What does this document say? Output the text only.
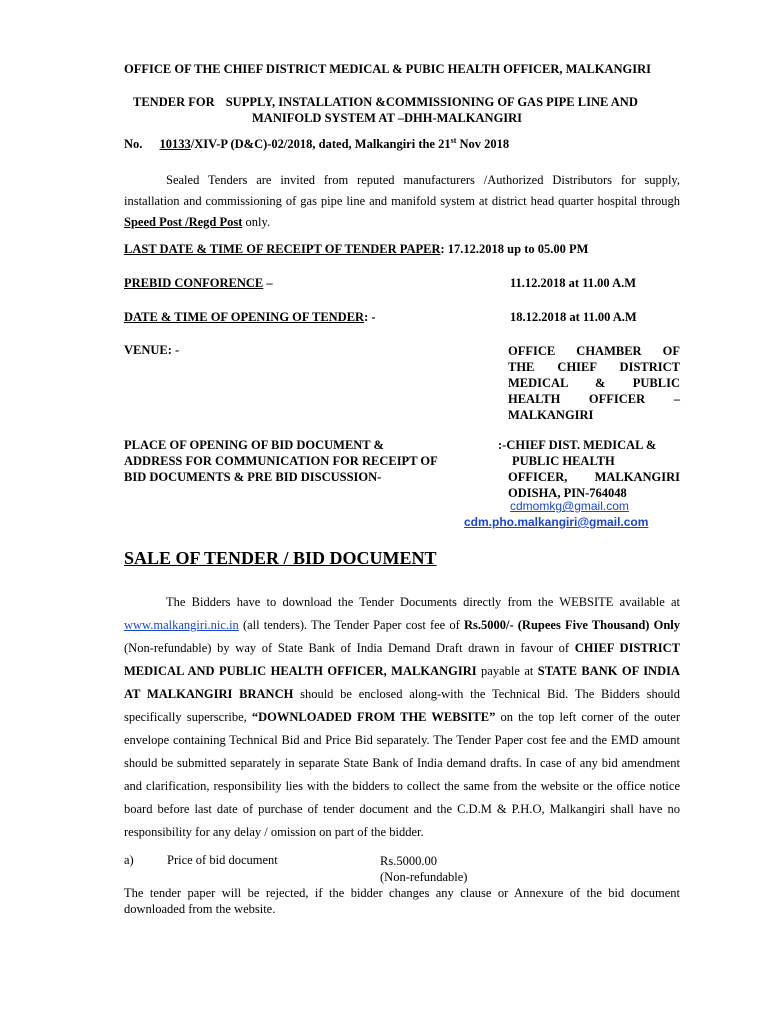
OFFICE OF THE CHIEF DISTRICT MEDICAL & PUBIC HEALTH OFFICER, MALKANGIRI
TENDER FOR SUPPLY, INSTALLATION &COMMISSIONING OF GAS PIPE LINE AND
MANIFOLD SYSTEM AT –DHH-MALKANGIRI
No. 10133/XIV-P (D&C)-02/2018, dated, Malkangiri the 21st Nov 2018
Sealed Tenders are invited from reputed manufacturers /Authorized Distributors for supply, installation and commissioning of gas pipe line and manifold system at district head quarter hospital through Speed Post /Regd Post only.
LAST DATE & TIME OF RECEIPT OF TENDER PAPER: 17.12.2018 up to 05.00 PM
PREBID CONFORENCE –	11.12.2018 at 11.00 A.M
DATE & TIME OF OPENING OF TENDER: -	18.12.2018 at 11.00 A.M
VENUE: -	OFFICE CHAMBER OF
THE CHIEF DISTRICT
MEDICAL & PUBLIC
HEALTH OFFICER –
MALKANGIRI
PLACE OF OPENING OF BID DOCUMENT &
ADDRESS FOR COMMUNICATION FOR RECEIPT OF
BID DOCUMENTS & PRE BID DISCUSSION-
:-CHIEF DIST. MEDICAL &
PUBLIC HEALTH
OFFICER, MALKANGIRI
ODISHA, PIN-764048
cdmomkg@gmail.com
cdm.pho.malkangiri@gmail.com
SALE OF TENDER / BID DOCUMENT
The Bidders have to download the Tender Documents directly from the WEBSITE available at www.malkangiri.nic.in (all tenders). The Tender Paper cost fee of Rs.5000/- (Rupees Five Thousand) Only (Non-refundable) by way of State Bank of India Demand Draft drawn in favour of CHIEF DISTRICT MEDICAL AND PUBLIC HEALTH OFFICER, MALKANGIRI payable at STATE BANK OF INDIA AT MALKANGIRI BRANCH should be enclosed along-with the Technical Bid. The Bidders should specifically superscribe, “DOWNLOADED FROM THE WEBSITE” on the top left corner of the outer envelope containing Technical Bid and Price Bid separately. The Tender Paper cost fee and the EMD amount should be submitted separately in separate State Bank of India demand drafts. In case of any bid amendment and clarification, responsibility lies with the bidders to collect the same from the website or the office notice board before last date of purchase of tender document and the C.D.M & P.H.O, Malkangiri shall have no responsibility for any delay / omission on part of the bidder.
a)	Price of bid document	Rs.5000.00
(Non-refundable)
The tender paper will be rejected, if the bidder changes any clause or Annexure of the bid document downloaded from the website.
